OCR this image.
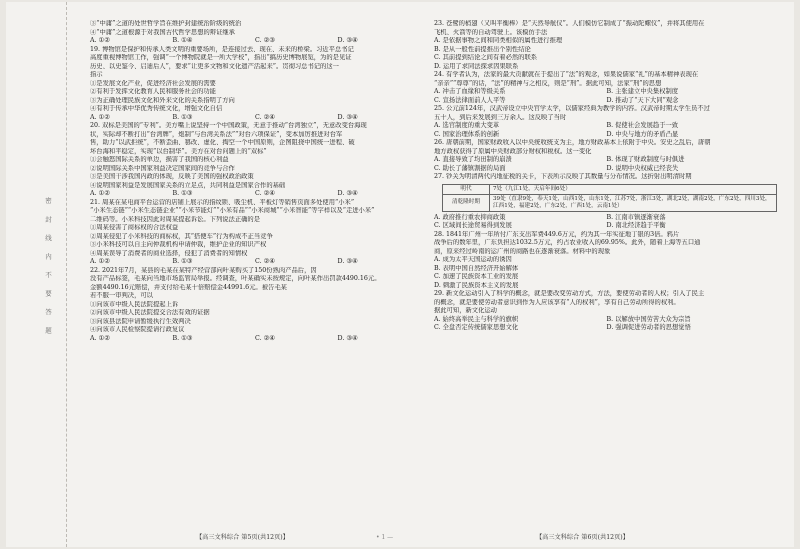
密 封 线 内 不 要 答 题
③“中庸”之道的处世哲学旨在维护封建统治阶级的统治
④“中庸”之道根源于对我国古代哲学思想的辩证继承
A. ①②	B. ①④	C. ②③	D. ③④
19. 博物馆是保护和传承人类文明的重要场所，是连接过去、现在、未来的桥梁。习近平总书记
高度重视博物馆工作，强调“一个博物院就是一所大学校”，指出“搞历史博物展览，为的是见证
历史、以史鉴今、启迪后人”，要求“让更多文物和文化遗产活起来”。贯彻习总书记的这一
指示
①是发展文化产业，促进经济社会发展的需要
②有利于发挥文化教育人民和服务社会的功能
③为正确处理民族文化和外来文化的关系指明了方向
④有利于传承中华优秀传统文化，增强文化自信
A. ①②	B. ①③	C. ②④	D. ③④
20. 双标是美国的“专利”。美方嘴上说坚持一个中国政策，无意于推动“台湾独立”，无意改变台海现
状，实际却不断打出“台湾牌”，炮制“与台湾关系法”“对台六项保证”，变本加厉推进对台军
售，助力“以武拒统”，不断歪曲、篡改、虚化、掏空一个中国原则，企图阻挠中国统一进程、破
坏台海和平稳定，实现“以台制华”。美方在对台问题上的“双标”
①会触怒国际关系的单边，损害了我国的核心利益
②说明国际关系中国家利益决定国家间的竞争与合作
③是美国干涉我国内政的体现，反映了美国的强权政治政策
④说明国家利益是发展国家关系的立足点，共同利益是国家合作的基础
A. ①②	B. ①③	C. ②④	D. ③④
21. 周某在某电商平台运营的店铺上展示的指纹锁、吸尘机、平板灯等销售页面多处使用“小米”
“小米生态链”“小米生态链企业”“小米节能灯”“小米有品”“小米商城”“小米智能”等字样以及“走进小米”
二维码等。小米科技因此对周某提起诉讼。下列说法正确的是
①周某侵害了商标权的合法权益
②周某侵犯了小米科技的商标权，其“搭便车”行为构成不正当竞争
③小米科技可以自主向仲裁机构申请仲裁，维护企业的知识产权
④周某误导了消费者的商业选择，侵犯了消费者的知情权
A. ①②	B. ①③	C. ②④	D. ③④
22. 2021年7月，某县的毛某在某特产经营部向叶某购买了150份熟肉产品后，因
没有产品标签，毛某向当地市场监管局举报。经调查，叶某确实未按规定，向叶某作出罚款4490.16元。
金额4490.16元赔偿，并支付给毛某十倍赔偿金44991.6元。被告毛某
若不服一审判决，可以
①向该市中级人民法院提起上诉
②向该市中级人民法院提交合法有效的证据
③向该县法院申请暂缓执行生效判决
④向该市人民检察院提请行政复议
A. ①②	B. ①③	C. ②④	D. ③④
23. 苍鹭的梢翅（又叫平衡棒）是“天然导航仪”。人们模仿它制成了“振动陀螺仪”，并将其使用在
飞机、火箭等的自动驾驶上。该模仿手法
A. 是依据事物之间和同类相似的属性进行推理
B. 是从一般性前提推出个别性结论
C. 其前提到结论之间有着必然的联系
D. 运用了求同法探求因果联系
24. 有学者认为，法家的最大贡献就在于提出了“法”的观念，如果说儒家“礼”的基本精神表现在
“亲亲”“尊尊”的话，“法”的精神与之相反，则是“刑”。据此可知，法家“刑”的思想
A. 冲击了血缘和等级关系	B. 主张建立中央集权制度
C. 宣扬法律面前人人平等	D. 推动了“天下大同”观念
25. 公元前124年，汉武帝设立中央官学太学，以儒家经典为教学的内容。汉武帝时期太学生员不过
五十人，到后来发展到三万余人。这反映了当时
A. 选官制度的重大变革	B. 促使社会发展趋于一致
C. 国家治理体系的创新	D. 中央与地方的矛盾凸显
26. 唐朝前期，国家财政收入以中央统收统支为主，地方财政基本上依附于中央。安史之乱后，唐朝
地方政权获得了原属中央财政部分财权和税权。这一变化
A. 直接导致了均田制的崩溃	B. 体现了财政制度与时俱进
C. 助长了藩镇割据的局面	D. 说明中央权威已经丧失
27. 钞关为明清两代内地征税的关卡，下表所示反映了其数量与分布情况。这折射出明清时期
明代	7处（九江1处，天启年间6处）
清乾隆时期	39处（直隶9处，奉天1处，山西1处，山东1处，江苏7处，浙江3处，湖北2处，湖南2处，广东2处，四川3处，江西1处，福建2处，广东2处，广西1处，云南1处）
A. 政府推行重农抑商政策	B. 江南市镇逐渐衰落
C. 区域间长途贸易得到发展	D. 南北经济趋于平衡
28. 1841年广州一年所付广东支出军费449.6万元，约为其一年实征地丁银的3倍。鸦片
战争后的数年里，广东负担达1032.5万元，约占农业收入的69.95%。此外，随着上海等五口通
商，原来经过岭南的运广州的商路也在逐渐衰落。材料中的现象
A. 成为太平天国运动的诱因
B. 表明中国自然经济开始解体
C. 加速了民族资本工业的发展
D. 刺激了民族资本主义的发展
29. 新文化运动引入了科学的概念，就是要改变劳动方式，方法，要使劳动者的人权；引入了民主
的概念，就是要使劳动者意识到作为人应该享有“人的权利”，享有自己劳动所得的权利。
据此可知，新文化运动
A. 始终高举民主与科学的旗帜	B. 以解放中国劳苦大众为宗旨
C. 全盘否定传统儒家思想文化	D. 强调促进劳动者的思想觉悟
【高三文科综合 第5页(共12页)】	• 1 —	【高三文科综合 第6页(共12页)】
